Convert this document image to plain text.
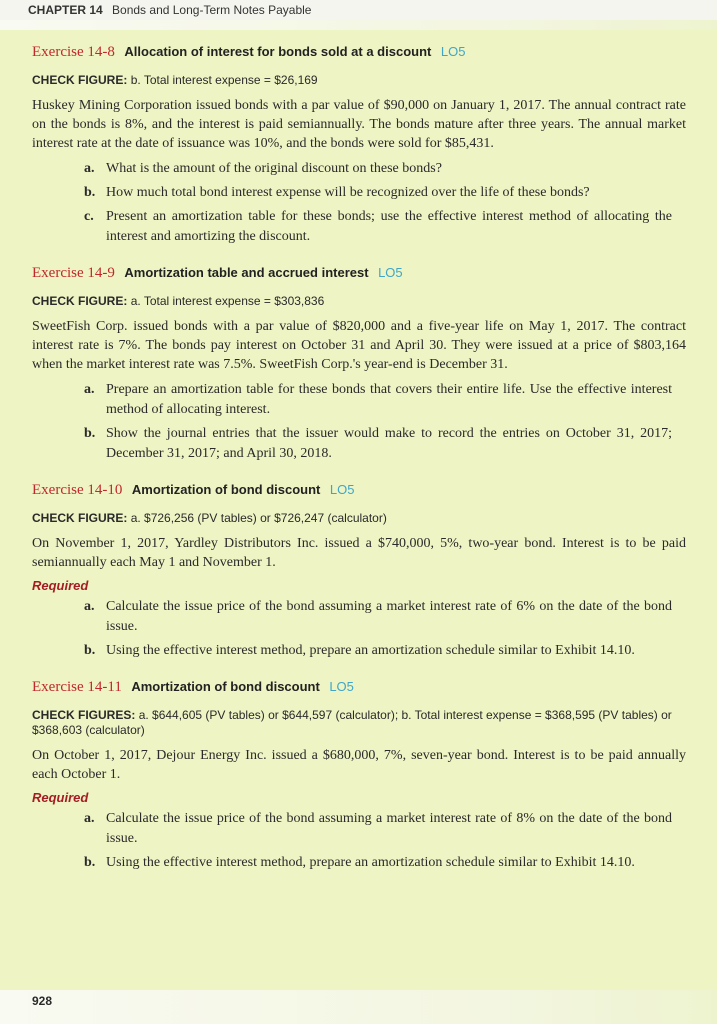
CHAPTER 14 Bonds and Long-Term Notes Payable
Exercise 14-8 Allocation of interest for bonds sold at a discount LO5
CHECK FIGURE: b. Total interest expense = $26,169
Huskey Mining Corporation issued bonds with a par value of $90,000 on January 1, 2017. The annual contract rate on the bonds is 8%, and the interest is paid semiannually. The bonds mature after three years. The annual market interest rate at the date of issuance was 10%, and the bonds were sold for $85,431.
a. What is the amount of the original discount on these bonds?
b. How much total bond interest expense will be recognized over the life of these bonds?
c. Present an amortization table for these bonds; use the effective interest method of allocating the interest and amortizing the discount.
Exercise 14-9 Amortization table and accrued interest LO5
CHECK FIGURE: a. Total interest expense = $303,836
SweetFish Corp. issued bonds with a par value of $820,000 and a five-year life on May 1, 2017. The contract interest rate is 7%. The bonds pay interest on October 31 and April 30. They were issued at a price of $803,164 when the market interest rate was 7.5%. SweetFish Corp.'s year-end is December 31.
a. Prepare an amortization table for these bonds that covers their entire life. Use the effective interest method of allocating interest.
b. Show the journal entries that the issuer would make to record the entries on October 31, 2017; December 31, 2017; and April 30, 2018.
Exercise 14-10 Amortization of bond discount LO5
CHECK FIGURE: a. $726,256 (PV tables) or $726,247 (calculator)
On November 1, 2017, Yardley Distributors Inc. issued a $740,000, 5%, two-year bond. Interest is to be paid semiannually each May 1 and November 1.
Required
a. Calculate the issue price of the bond assuming a market interest rate of 6% on the date of the bond issue.
b. Using the effective interest method, prepare an amortization schedule similar to Exhibit 14.10.
Exercise 14-11 Amortization of bond discount LO5
CHECK FIGURES: a. $644,605 (PV tables) or $644,597 (calculator); b. Total interest expense = $368,595 (PV tables) or $368,603 (calculator)
On October 1, 2017, Dejour Energy Inc. issued a $680,000, 7%, seven-year bond. Interest is to be paid annually each October 1.
Required
a. Calculate the issue price of the bond assuming a market interest rate of 8% on the date of the bond issue.
b. Using the effective interest method, prepare an amortization schedule similar to Exhibit 14.10.
928
